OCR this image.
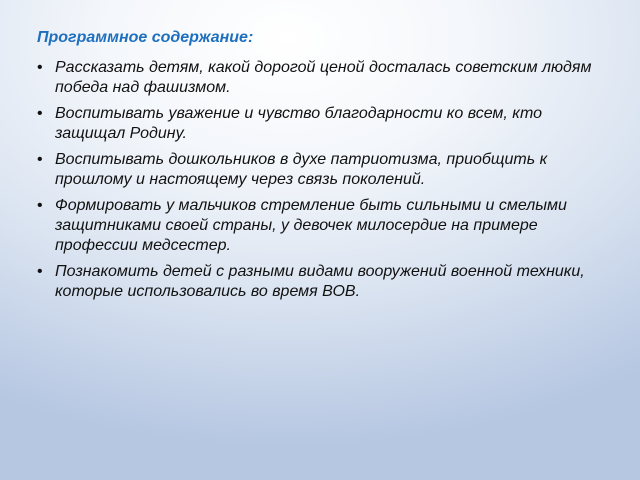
Программное содержание:
• Рассказать детям, какой дорогой ценой досталась советским людям победа над фашизмом.
• Воспитывать уважение и чувство благодарности ко всем, кто защищал Родину.
• Воспитывать дошкольников в духе патриотизма, приобщить к прошлому и настоящему через связь поколений.
• Формировать у мальчиков стремление быть сильными и смелыми защитниками своей страны, у девочек милосердие на примере профессии медсестер.
• Познакомить детей с разными видами вооружений военной техники, которые использовались во время ВОВ.
